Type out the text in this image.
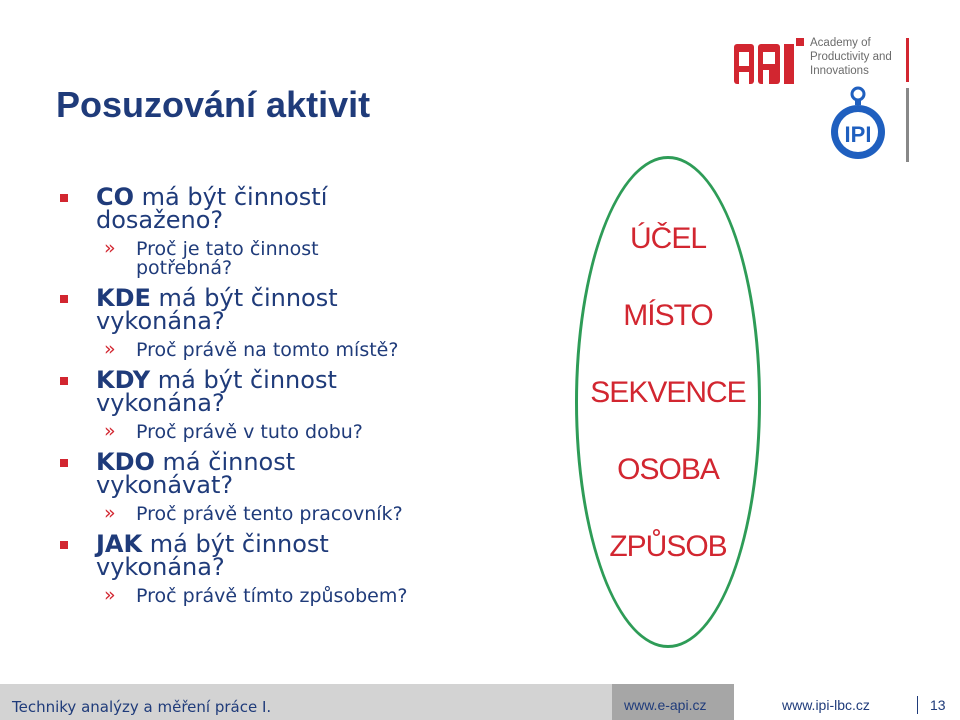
Posuzování aktivit
Academy of
Productivity and
Innovations
IPI
CO má být činností
dosaženo?
» Proč je tato činnost
potřebná?
KDE má být činnost
vykonána?
» Proč právě na tomto místě?
KDY má být činnost
vykonána?
» Proč právě v tuto dobu?
KDO má činnost
vykonávat?
» Proč právě tento pracovník?
JAK má být činnost
vykonána?
» Proč právě tímto způsobem?
ÚČEL
MÍSTO
SEKVENCE
OSOBA
ZPŮSOB
Techniky analýzy a měření práce I.	www.e-api.cz	www.ipi-lbc.cz	13
